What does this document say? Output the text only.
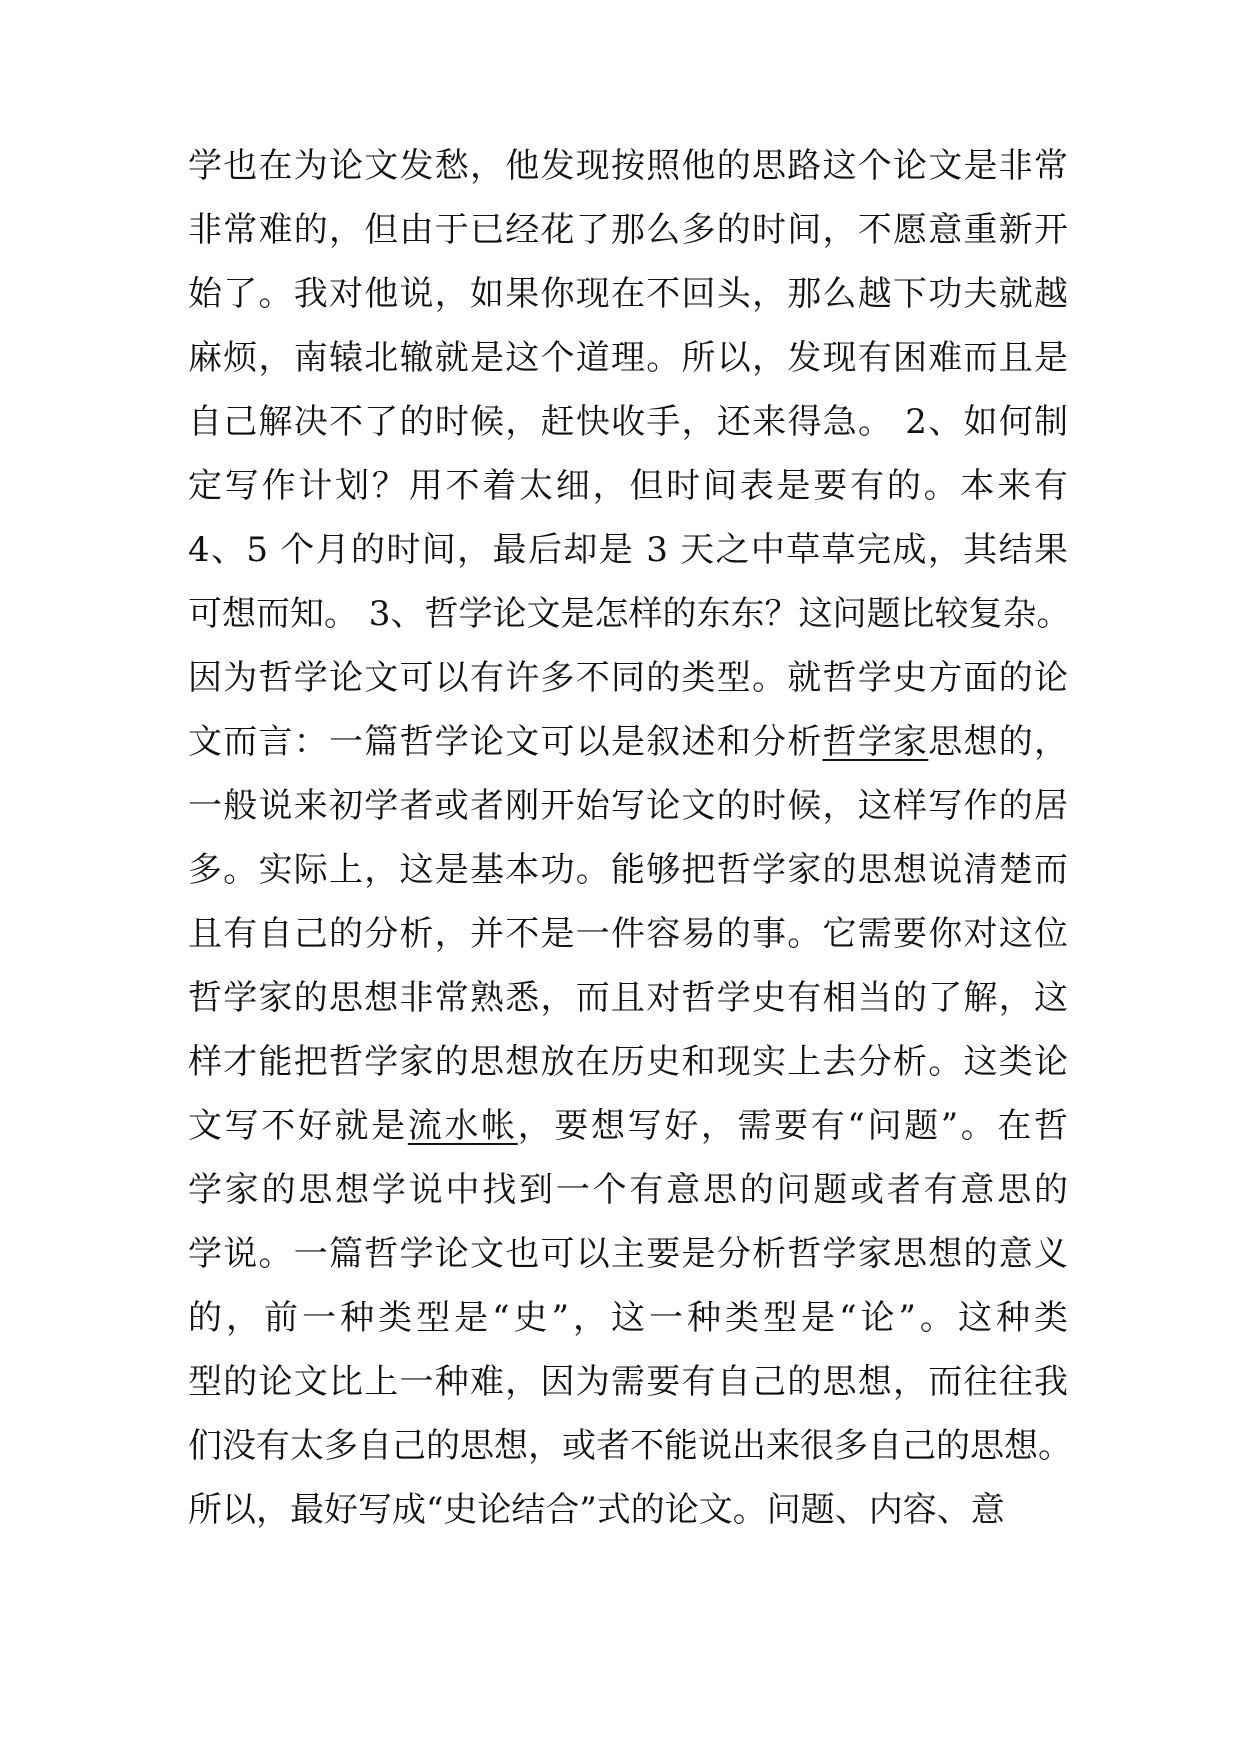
学也在为论文发愁，他发现按照他的思路这个论文是非常
非常难的，但由于已经花了那么多的时间，不愿意重新开
始了。我对他说，如果你现在不回头，那么越下功夫就越
麻烦，南辕北辙就是这个道理。所以，发现有困难而且是
自己解决不了的时候，赶快收手，还来得急。 2、如何制
定写作计划？用不着太细，但时间表是要有的。本来有
4、5 个月的时间，最后却是 3 天之中草草完成，其结果
可想而知。 3、哲学论文是怎样的东东？这问题比较复杂。
因为哲学论文可以有许多不同的类型。就哲学史方面的论
文而言：一篇哲学论文可以是叙述和分析哲学家思想的，
一般说来初学者或者刚开始写论文的时候，这样写作的居
多。实际上，这是基本功。能够把哲学家的思想说清楚而
且有自己的分析，并不是一件容易的事。它需要你对这位
哲学家的思想非常熟悉，而且对哲学史有相当的了解，这
样才能把哲学家的思想放在历史和现实上去分析。这类论
文写不好就是流水帐，要想写好，需要有“问题”。在哲
学家的思想学说中找到一个有意思的问题或者有意思的
学说。一篇哲学论文也可以主要是分析哲学家思想的意义
的，前一种类型是“史”，这一种类型是“论”。这种类
型的论文比上一种难，因为需要有自己的思想，而往往我
们没有太多自己的思想，或者不能说出来很多自己的思想。
所以，最好写成“史论结合”式的论文。问题、内容、意
